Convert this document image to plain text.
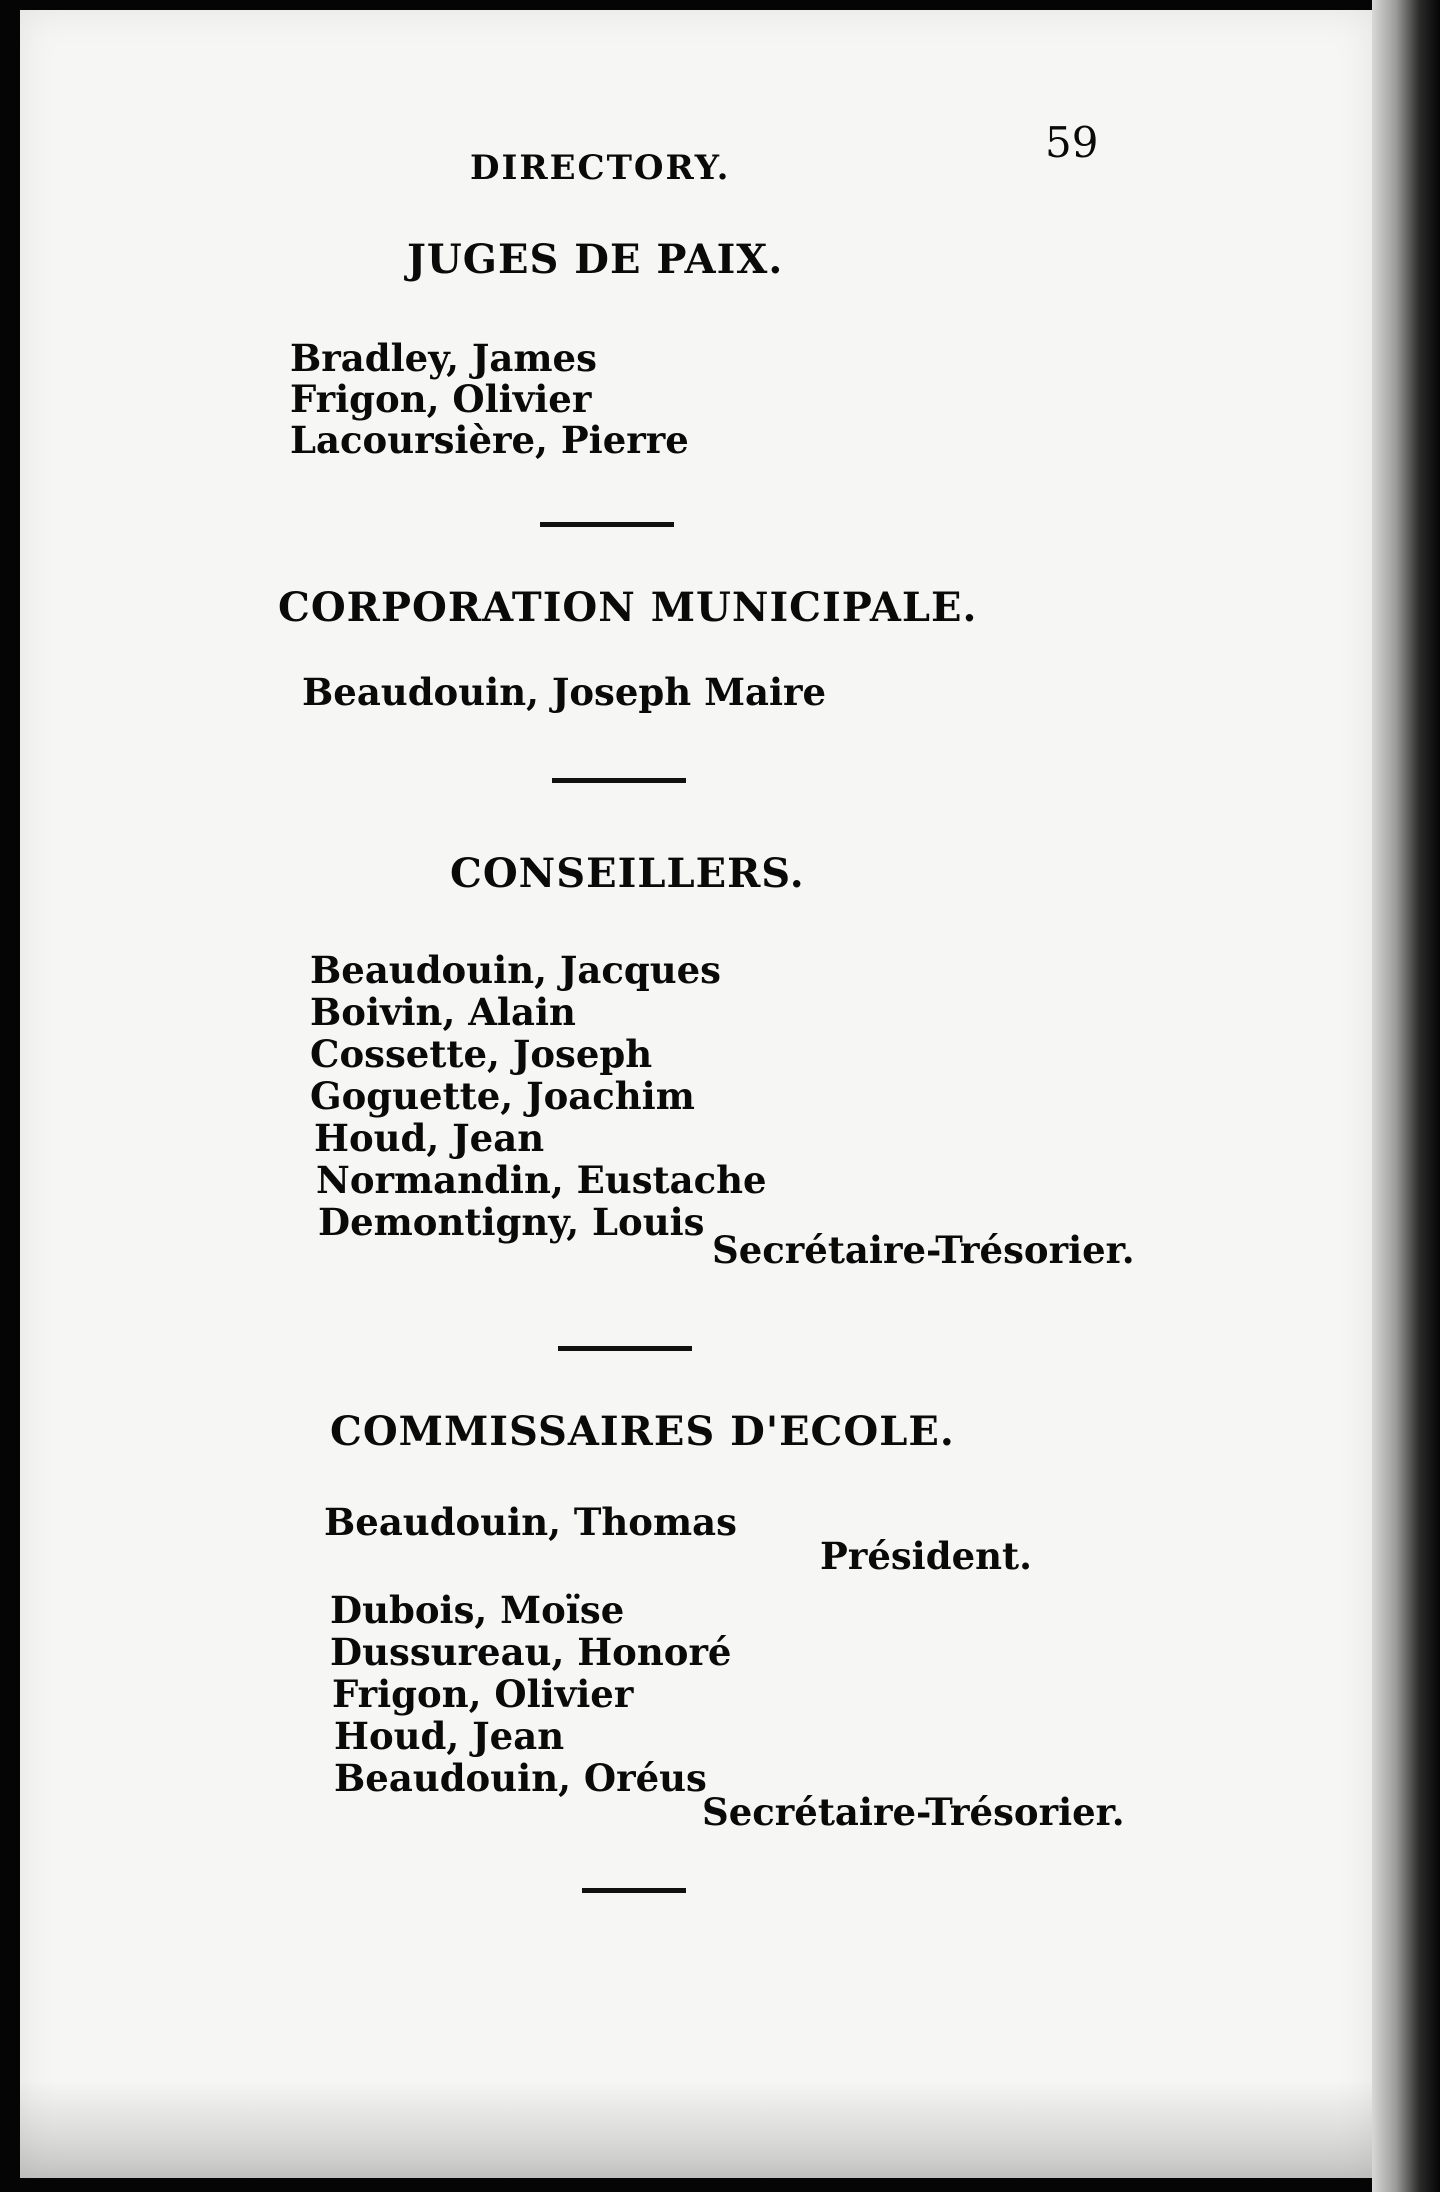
DIRECTORY.
59
JUGES DE PAIX.
Bradley, James
Frigon, Olivier
Lacoursière, Pierre
CORPORATION MUNICIPALE.
Beaudouin, Joseph Maire
CONSEILLERS.
Beaudouin, Jacques
Boivin, Alain
Cossette, Joseph
Goguette, Joachim
Houd, Jean
Normandin, Eustache
Demontigny, Louis
Secrétaire-Trésorier.
COMMISSAIRES D'ECOLE.
Beaudouin, Thomas
Président.
Dubois, Moïse
Dussureau, Honoré
Frigon, Olivier
Houd, Jean
Beaudouin, Oréus
Secrétaire-Trésorier.
